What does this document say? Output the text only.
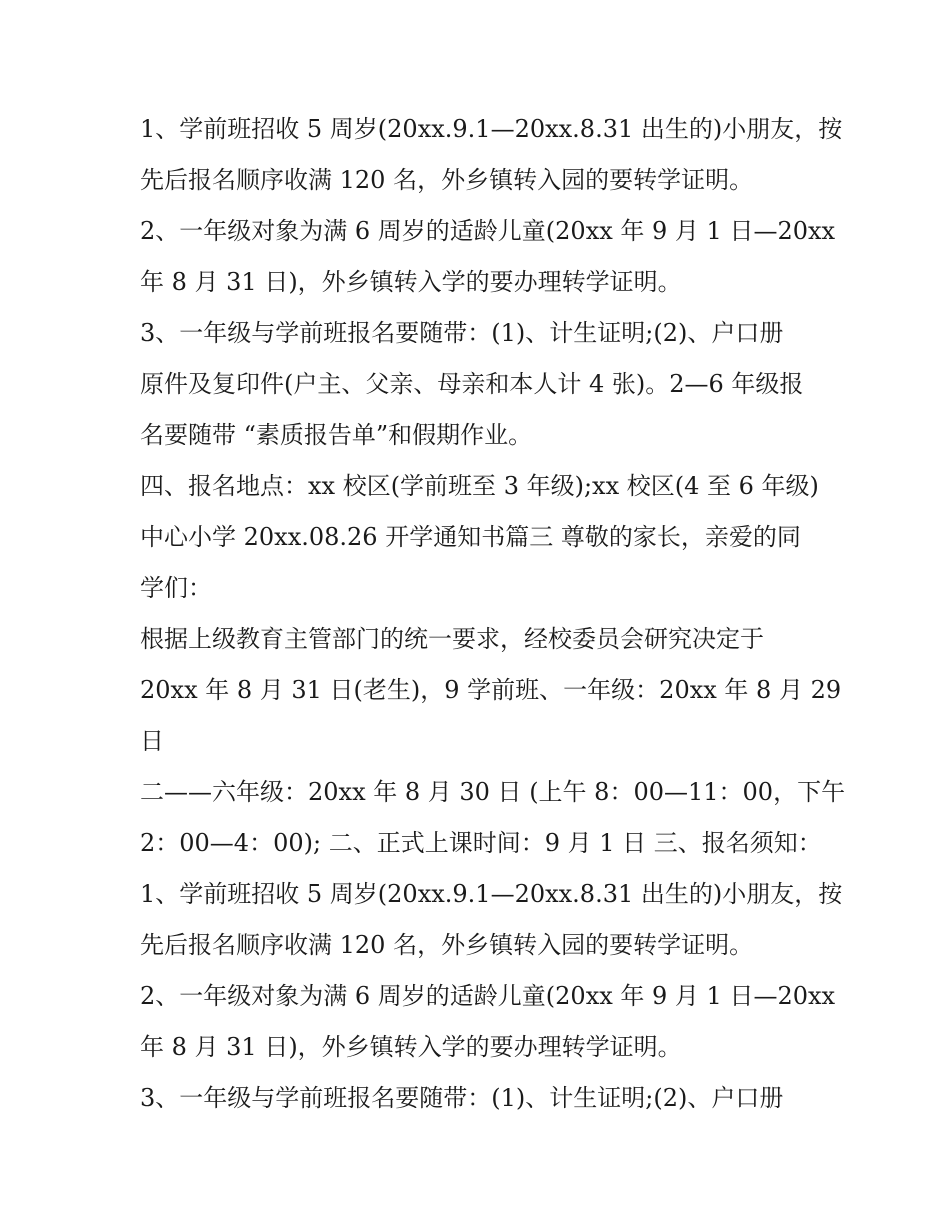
1、学前班招收 5 周岁(20xx.9.1—20xx.8.31 出生的)小朋友，按

先后报名顺序收满 120 名，外乡镇转入园的要转学证明。

2、一年级对象为满 6 周岁的适龄儿童(20xx 年 9 月 1 日—20xx

年 8 月 31 日)，外乡镇转入学的要办理转学证明。

3、一年级与学前班报名要随带：(1)、计生证明;(2)、户口册

原件及复印件(户主、父亲、母亲和本人计 4 张)。2—6 年级报

名要随带 “素质报告单”和假期作业。

四、报名地点：xx 校区(学前班至 3 年级);xx 校区(4 至 6 年级)

中心小学 20xx.08.26 开学通知书篇三 尊敬的家长，亲爱的同

学们：

根据上级教育主管部门的统一要求，经校委员会研究决定于

20xx 年 8 月 31 日(老生)，9 学前班、一年级：20xx 年 8 月 29

日

二——六年级：20xx 年 8 月 30 日 (上午 8：00—11：00，下午

2：00—4：00); 二、正式上课时间：9 月 1 日 三、报名须知：

1、学前班招收 5 周岁(20xx.9.1—20xx.8.31 出生的)小朋友，按

先后报名顺序收满 120 名，外乡镇转入园的要转学证明。

2、一年级对象为满 6 周岁的适龄儿童(20xx 年 9 月 1 日—20xx

年 8 月 31 日)，外乡镇转入学的要办理转学证明。

3、一年级与学前班报名要随带：(1)、计生证明;(2)、户口册
